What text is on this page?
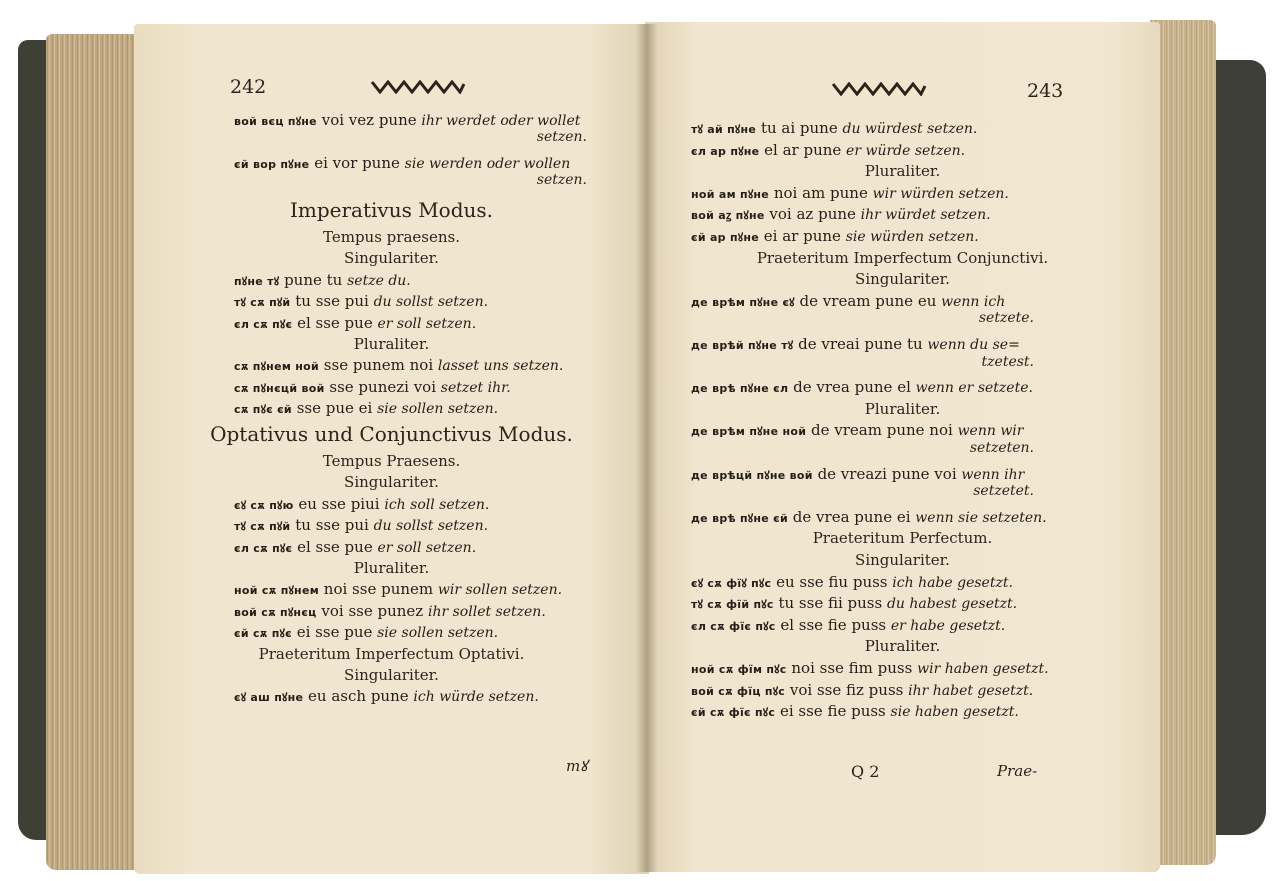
242
вой вєц пꙋне voi vez pune ihr werdet oder wollet
setzen.
єй вор пꙋне ei vor pune sie werden oder wollen
setzen.
Imperativus Modus.
Tempus praesens.
Singulariter.
пꙋне тꙋ pune tu setze du.
тꙋ сѫ пꙋй tu sse pui du sollst setzen.
єл сѫ пꙋє el sse pue er soll setzen.
Pluraliter.
сѫ пꙋнем ной sse punem noi lasset uns setzen.
сѫ пꙋнєцй вой sse punezi voi setzet ihr.
сѫ пꙋє єй sse pue ei sie sollen setzen.
Optativus und Conjunctivus Modus.
Tempus Praesens.
Singulariter.
єꙋ сѫ пꙋю eu sse piui ich soll setzen.
тꙋ сѫ пꙋй tu sse pui du sollst setzen.
єл сѫ пꙋє el sse pue er soll setzen.
Pluraliter.
ной сѫ пꙋнем noi sse punem wir sollen setzen.
вой сѫ пꙋнєц voi sse punez ihr sollet setzen.
єй сѫ пꙋє ei sse pue sie sollen setzen.
Praeteritum Imperfectum Optativi.
Singulariter.
єꙋ аш пꙋне eu asch pune ich würde setzen.
тꙋ
243
тꙋ ай пꙋне tu ai pune du würdest setzen.
єл ар пꙋне el ar pune er würde setzen.
Pluraliter.
ной ам пꙋне noi am pune wir würden setzen.
вой аꙁ пꙋне voi az pune ihr würdet setzen.
єй ар пꙋне ei ar pune sie würden setzen.
Praeteritum Imperfectum Conjunctivi.
Singulariter.
де врѣм пꙋне єꙋ de vream pune eu wenn ich
setzete.
де врѣй пꙋне тꙋ de vreai pune tu wenn du se=
tzetest.
де врѣ пꙋне єл de vrea pune el wenn er setzete.
Pluraliter.
де врѣм пꙋне ной de vream pune noi wenn wir
setzeten.
де врѣцй пꙋне вой de vreazi pune voi wenn ihr
setzetet.
де врѣ пꙋне єй de vrea pune ei wenn sie setzeten.
Praeteritum Perfectum.
Singulariter.
єꙋ сѫ фїꙋ пꙋс eu sse fiu puss ich habe gesetzt.
тꙋ сѫ фїй пꙋс tu sse fii puss du habest gesetzt.
єл сѫ фїє пꙋс el sse fie puss er habe gesetzt.
Pluraliter.
ной сѫ фїм пꙋс noi sse fim puss wir haben gesetzt.
вой сѫ фїц пꙋс voi sse fiz puss ihr habet gesetzt.
єй сѫ фїє пꙋс ei sse fie puss sie haben gesetzt.
Q 2	Prae-
